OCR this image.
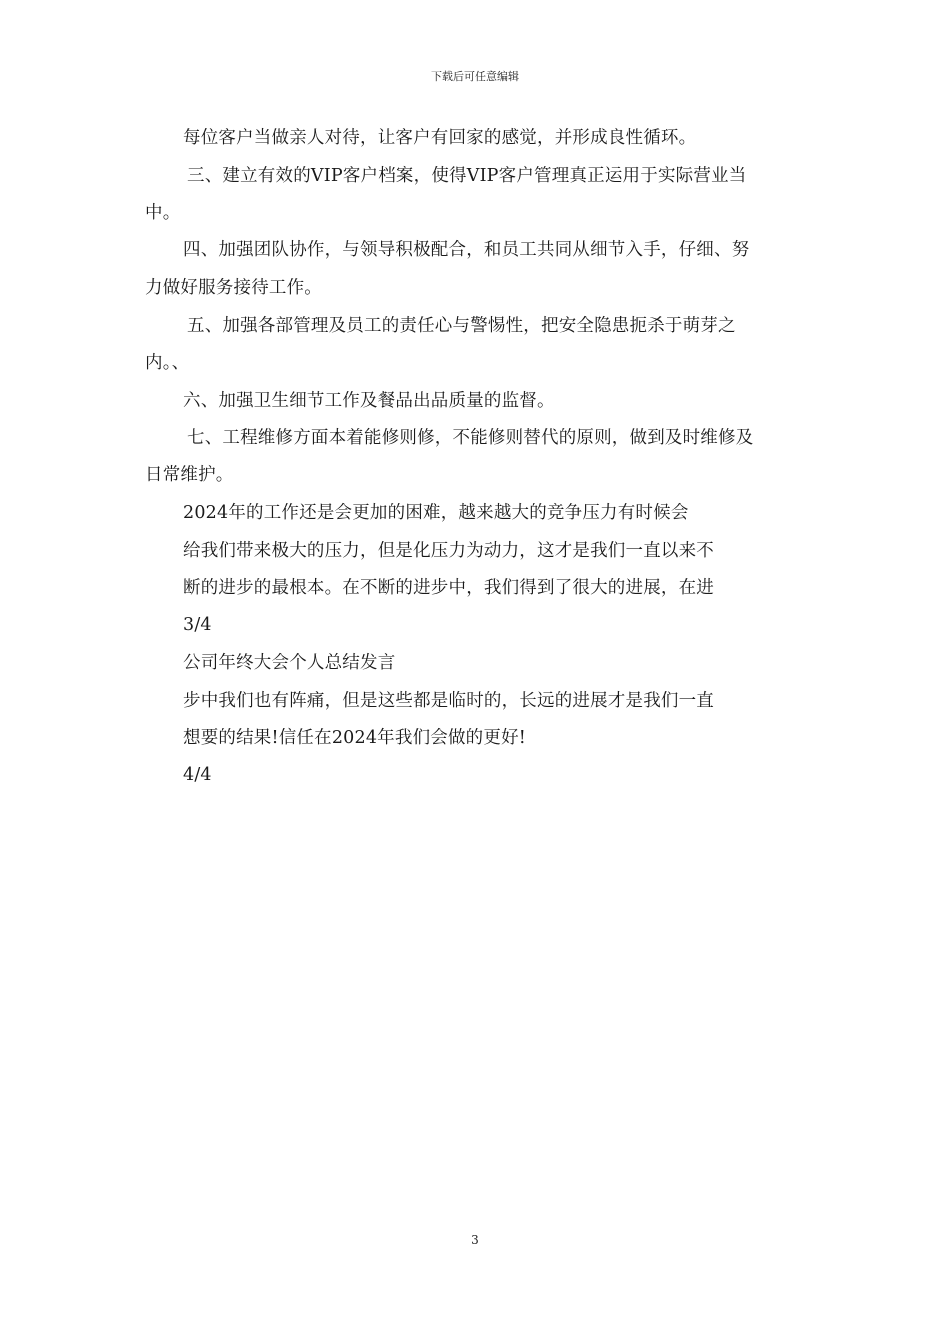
下载后可任意编辑
每位客户当做亲人对待，让客户有回家的感觉，并形成良性循环。
三、建立有效的VIP客户档案，使得VIP客户管理真正运用于实际营业当
中。
四、加强团队协作，与领导积极配合，和员工共同从细节入手，仔细、努
力做好服务接待工作。
五、加强各部管理及员工的责任心与警惕性，把安全隐患扼杀于萌芽之
内。、
六、加强卫生细节工作及餐品出品质量的监督。
七、工程维修方面本着能修则修，不能修则替代的原则，做到及时维修及
日常维护。
2024年的工作还是会更加的困难，越来越大的竞争压力有时候会
给我们带来极大的压力，但是化压力为动力，这才是我们一直以来不
断的进步的最根本。在不断的进步中，我们得到了很大的进展，在进
3/4
公司年终大会个人总结发言
步中我们也有阵痛，但是这些都是临时的，长远的进展才是我们一直
想要的结果!信任在2024年我们会做的更好!
4/4
3
